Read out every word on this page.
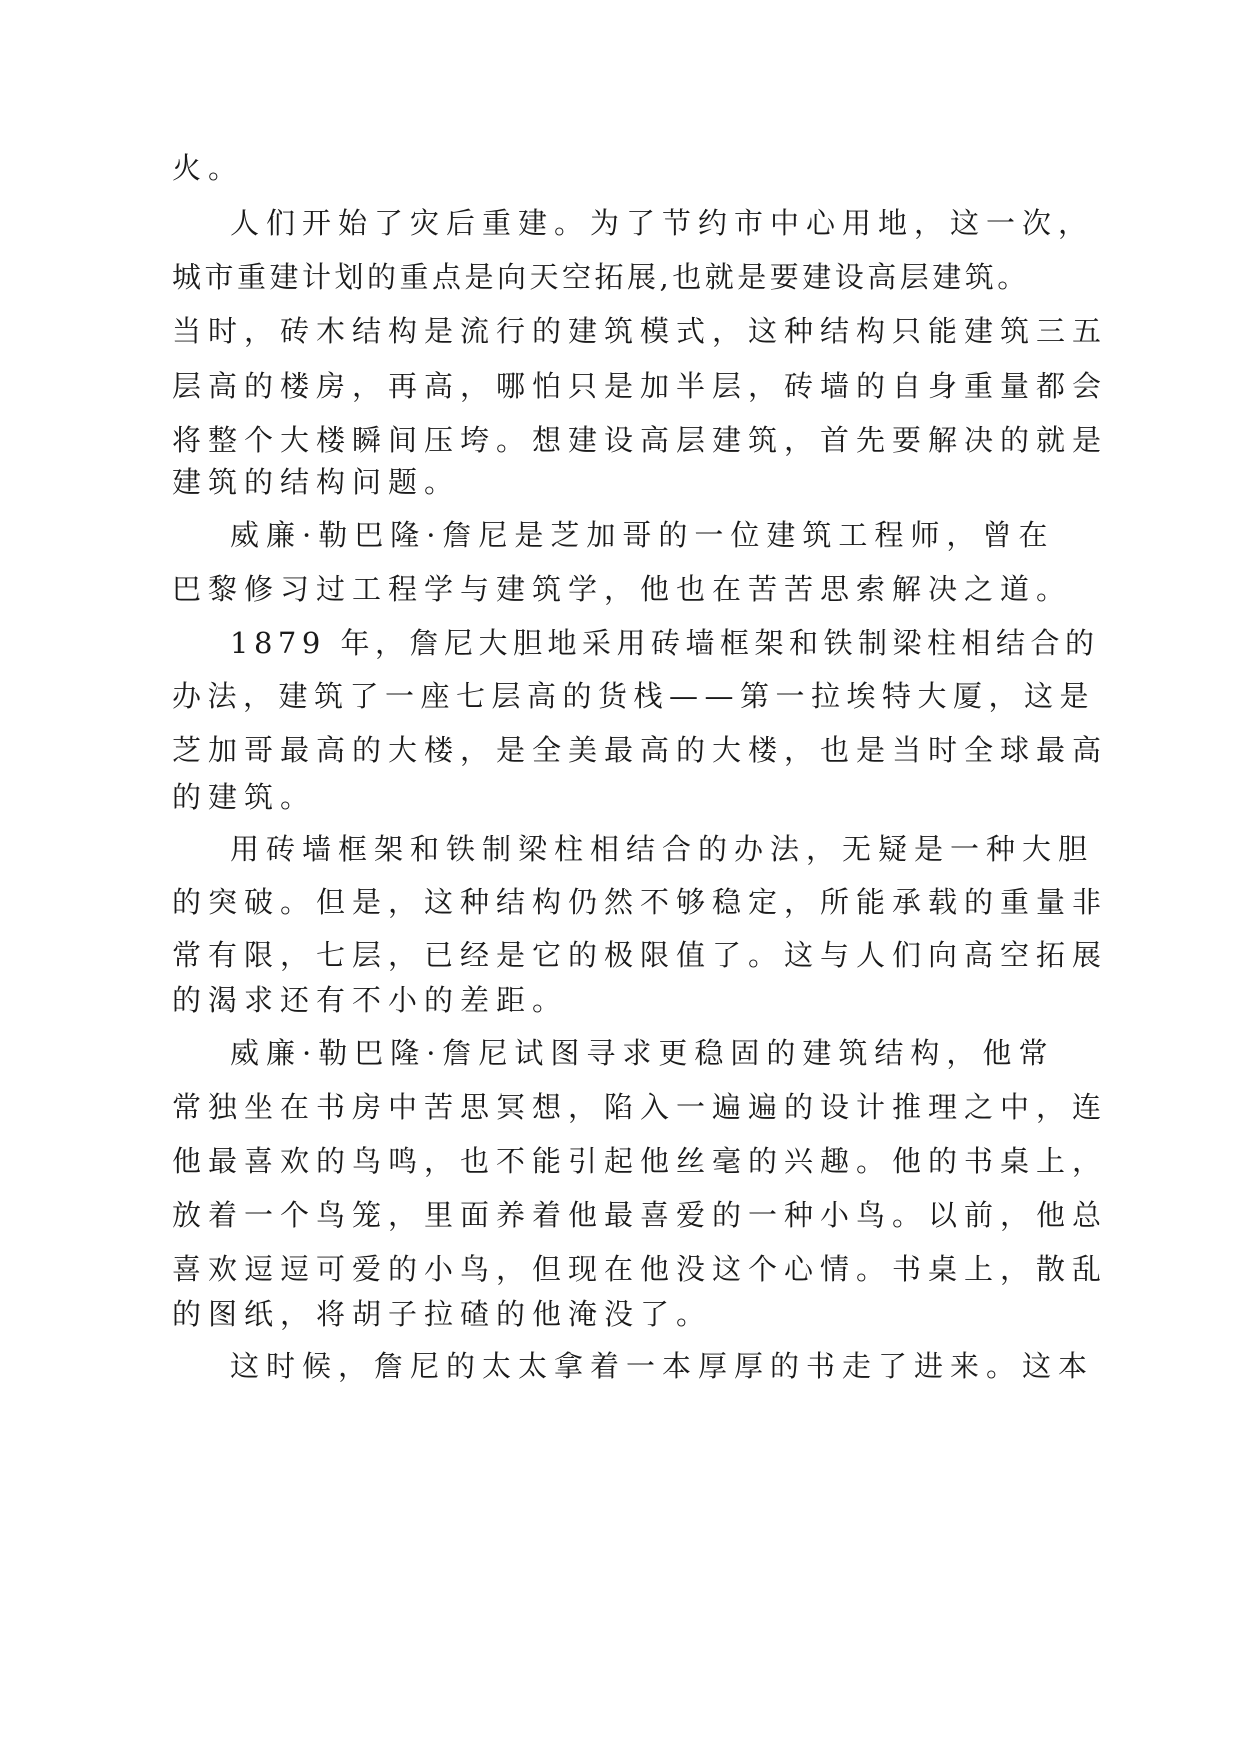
火。
人们开始了灾后重建。为了节约市中心用地，这一次，
城市重建计划的重点是向天空拓展,也就是要建设高层建筑。
当时，砖木结构是流行的建筑模式，这种结构只能建筑三五
层高的楼房，再高，哪怕只是加半层，砖墙的自身重量都会
将整个大楼瞬间压垮。想建设高层建筑，首先要解决的就是
建筑的结构问题。
威廉·勒巴隆·詹尼是芝加哥的一位建筑工程师，曾在
巴黎修习过工程学与建筑学，他也在苦苦思索解决之道。
1879 年，詹尼大胆地采用砖墙框架和铁制梁柱相结合的
办法，建筑了一座七层高的货栈——第一拉埃特大厦，这是
芝加哥最高的大楼，是全美最高的大楼，也是当时全球最高
的建筑。
用砖墙框架和铁制梁柱相结合的办法，无疑是一种大胆
的突破。但是，这种结构仍然不够稳定，所能承载的重量非
常有限，七层，已经是它的极限值了。这与人们向高空拓展
的渴求还有不小的差距。
威廉·勒巴隆·詹尼试图寻求更稳固的建筑结构，他常
常独坐在书房中苦思冥想，陷入一遍遍的设计推理之中，连
他最喜欢的鸟鸣，也不能引起他丝毫的兴趣。他的书桌上，
放着一个鸟笼，里面养着他最喜爱的一种小鸟。以前，他总
喜欢逗逗可爱的小鸟，但现在他没这个心情。书桌上，散乱
的图纸，将胡子拉碴的他淹没了。
这时候，詹尼的太太拿着一本厚厚的书走了进来。这本
